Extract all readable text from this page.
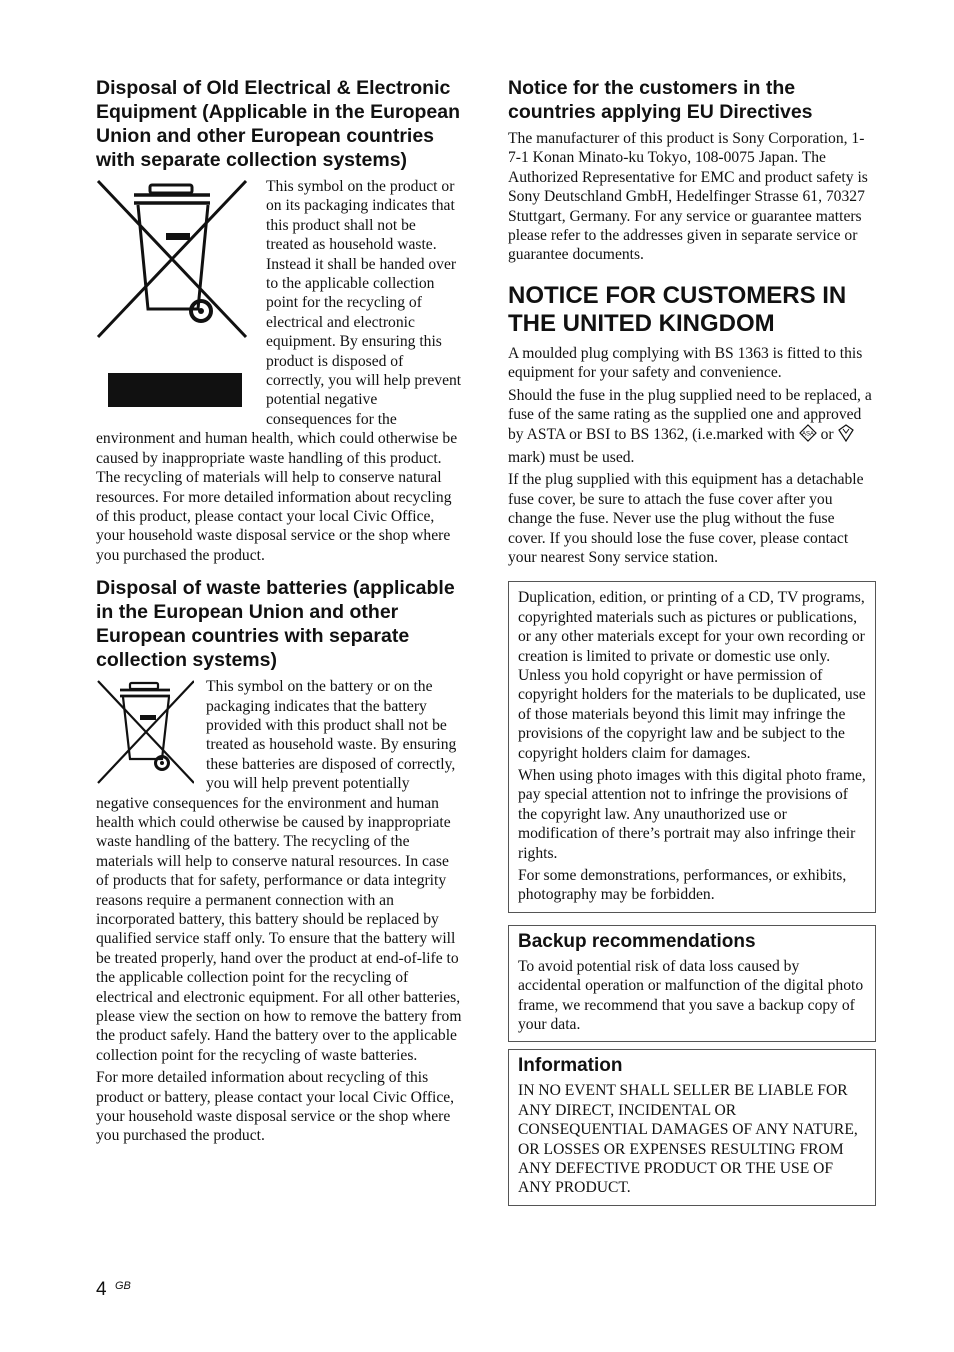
Disposal of Old Electrical & Electronic Equipment (Applicable in the European Union and other European countries with separate collection systems)

This symbol on the product or on its packaging indicates that this product shall not be treated as household waste. Instead it shall be handed over to the applicable collection point for the recycling of electrical and electronic equipment. By ensuring this product is disposed of correctly, you will help prevent potential negative consequences for the environment and human health, which could otherwise be caused by inappropriate waste handling of this product. The recycling of materials will help to conserve natural resources. For more detailed information about recycling of this product, please contact your local Civic Office, your household waste disposal service or the shop where you purchased the product.

Disposal of waste batteries (applicable in the European Union and other European countries with separate collection systems)

This symbol on the battery or on the packaging indicates that the battery provided with this product shall not be treated as household waste. By ensuring these batteries are disposed of correctly, you will help prevent potentially negative consequences for the environment and human health which could otherwise be caused by inappropriate waste handling of the battery. The recycling of the materials will help to conserve natural resources. In case of products that for safety, performance or data integrity reasons require a permanent connection with an incorporated battery, this battery should be replaced by qualified service staff only. To ensure that the battery will be treated properly, hand over the product at end-of-life to the applicable collection point for the recycling of electrical and electronic equipment. For all other batteries, please view the section on how to remove the battery from the product safely. Hand the battery over to the applicable collection point for the recycling of waste batteries.

For more detailed information about recycling of this product or battery, please contact your local Civic Office, your household waste disposal service or the shop where you purchased the product.

Notice for the customers in the countries applying EU Directives

The manufacturer of this product is Sony Corporation, 1-7-1 Konan Minato-ku Tokyo, 108-0075 Japan. The Authorized Representative for EMC and product safety is Sony Deutschland GmbH, Hedelfinger Strasse 61, 70327 Stuttgart, Germany. For any service or guarantee matters please refer to the addresses given in separate service or guarantee documents.

NOTICE FOR CUSTOMERS IN THE UNITED KINGDOM

A moulded plug complying with BS 1363 is fitted to this equipment for your safety and convenience.

Should the fuse in the plug supplied need to be replaced, a fuse of the same rating as the supplied one and approved by ASTA or BSI to BS 1362, (i.e.marked with ASA or  mark) must be used.

If the plug supplied with this equipment has a detachable fuse cover, be sure to attach the fuse cover after you change the fuse. Never use the plug without the fuse cover. If you should lose the fuse cover, please contact your nearest Sony service station.

Duplication, edition, or printing of a CD, TV programs, copyrighted materials such as pictures or publications, or any other materials except for your own recording or creation is limited to private or domestic use only. Unless you hold copyright or have permission of copyright holders for the materials to be duplicated, use of those materials beyond this limit may infringe the provisions of the copyright law and be subject to the copyright holders claim for damages.

When using photo images with this digital photo frame, pay special attention not to infringe the provisions of the copyright law. Any unauthorized use or modification of there’s portrait may also infringe their rights.

For some demonstrations, performances, or exhibits, photography may be forbidden.

Backup recommendations

To avoid potential risk of data loss caused by accidental operation or malfunction of the digital photo frame, we recommend that you save a backup copy of your data.

Information

IN NO EVENT SHALL SELLER BE LIABLE FOR ANY DIRECT, INCIDENTAL OR CONSEQUENTIAL DAMAGES OF ANY NATURE, OR LOSSES OR EXPENSES RESULTING FROM ANY DEFECTIVE PRODUCT OR THE USE OF ANY PRODUCT.

4 GB
